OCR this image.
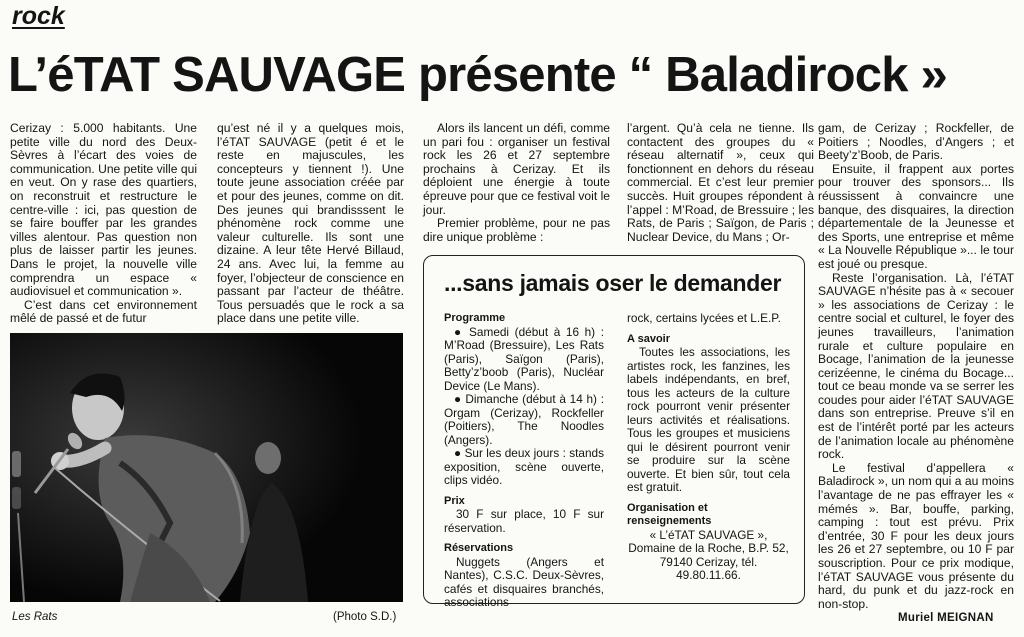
rock
L’éTAT SAUVAGE présente “ Baladirock »

Cerizay : 5.000 habitants. Une petite ville du nord des Deux-Sèvres à l’écart des voies de communication. Une petite ville qui en veut. On y rase des quartiers, on reconstruit et restructure le centre-ville : ici, pas question de se faire bouffer par les grandes villes alentour. Pas question non plus de laisser partir les jeunes. Dans le projet, la nouvelle ville comprendra un espace « audiovisuel et communication ».

C’est dans cet environnement mêlé de passé et de futur

qu’est né il y a quelques mois, l’éTAT SAUVAGE (petit é et le reste en majuscules, les concepteurs y tiennent !). Une toute jeune association créée par et pour des jeunes, comme on dit. Des jeunes qui brandisssent le phénomène rock comme une valeur culturelle. Ils sont une dizaine. A leur tête Hervé Billaud, 24 ans. Avec lui, la femme au foyer, l’objecteur de conscience en passant par l’acteur de théâtre. Tous persuadés que le rock a sa place dans une petite ville.

Alors ils lancent un défi, comme un pari fou : organiser un festival rock les 26 et 27 septembre prochains à Cerizay. Et ils déploient une énergie à toute épreuve pour que ce festival voit le jour.

Premier problème, pour ne pas dire unique problème :

l’argent. Qu’à cela ne tienne. Ils contactent des groupes du « réseau alternatif », ceux qui fonctionnent en dehors du réseau commercial. Et c’est leur premier succès. Huit groupes répondent à l’appel : M’Road, de Bressuire ; les Rats, de Paris ; Saïgon, de Paris ; Nuclear Device, du Mans ; Or-

gam, de Cerizay ; Rockfeller, de Poitiers ; Noodles, d’Angers ; et Beety’z’Boob, de Paris.

Ensuite, il frappent aux portes pour trouver des sponsors... Ils réussissent à convaincre une banque, des disquaires, la direction départementale de la Jeunesse et des Sports, une entreprise et même « La Nouvelle République »... le tour est joué ou presque.

Reste l’organisation. Là, l’éTAT SAUVAGE n’hésite pas à « secouer » les associations de Cerizay : le centre social et culturel, le foyer des jeunes travailleurs, l’animation rurale et culture populaire en Bocage, l’animation de la jeunesse cerizéenne, le cinéma du Bocage... tout ce beau monde va se serrer les coudes pour aider l’éTAT SAUVAGE dans son entreprise. Preuve s’il en est de l’intérêt porté par les acteurs de l’animation locale au phénomène rock.

Le festival d’appellera « Baladirock », un nom qui a au moins l’avantage de ne pas effrayer les « mémés ». Bar, bouffe, parking, camping : tout est prévu. Prix d’entrée, 30 F pour les deux jours les 26 et 27 septembre, ou 10 F par souscription. Pour ce prix modique, l’éTAT SAUVAGE vous présente du hard, du punk et du jazz-rock en non-stop.

Les Rats	(Photo S.D.)
...sans jamais oser le demander
Programme

● Samedi (début à 16 h) : M’Road (Bressuire), Les Rats (Paris), Saïgon (Paris), Betty’z’boob (Paris), Nucléar Device (Le Mans).

● Dimanche (début à 14 h) : Orgam (Cerizay), Rockfeller (Poitiers), The Noodles (Angers).

● Sur les deux jours : stands exposition, scène ouverte, clips vidéo.

Prix

30 F sur place, 10 F sur réservation.

Réservations

Nuggets (Angers et Nantes), C.S.C. Deux-Sèvres, cafés et disquaires branchés, associations

rock, certains lycées et L.E.P.

A savoir

Toutes les associations, les artistes rock, les fanzines, les labels indépendants, en bref, tous les acteurs de la culture rock pourront venir présenter leurs activités et réalisations. Tous les groupes et musiciens qui le désirent pourront venir se produire sur la scène ouverte. Et bien sûr, tout cela est gratuit.

Organisation et renseignements

« L’éTAT SAUVAGE », Domaine de la Roche, B.P. 52, 79140 Cerizay, tél. 49.80.11.66.

Muriel MEIGNAN
